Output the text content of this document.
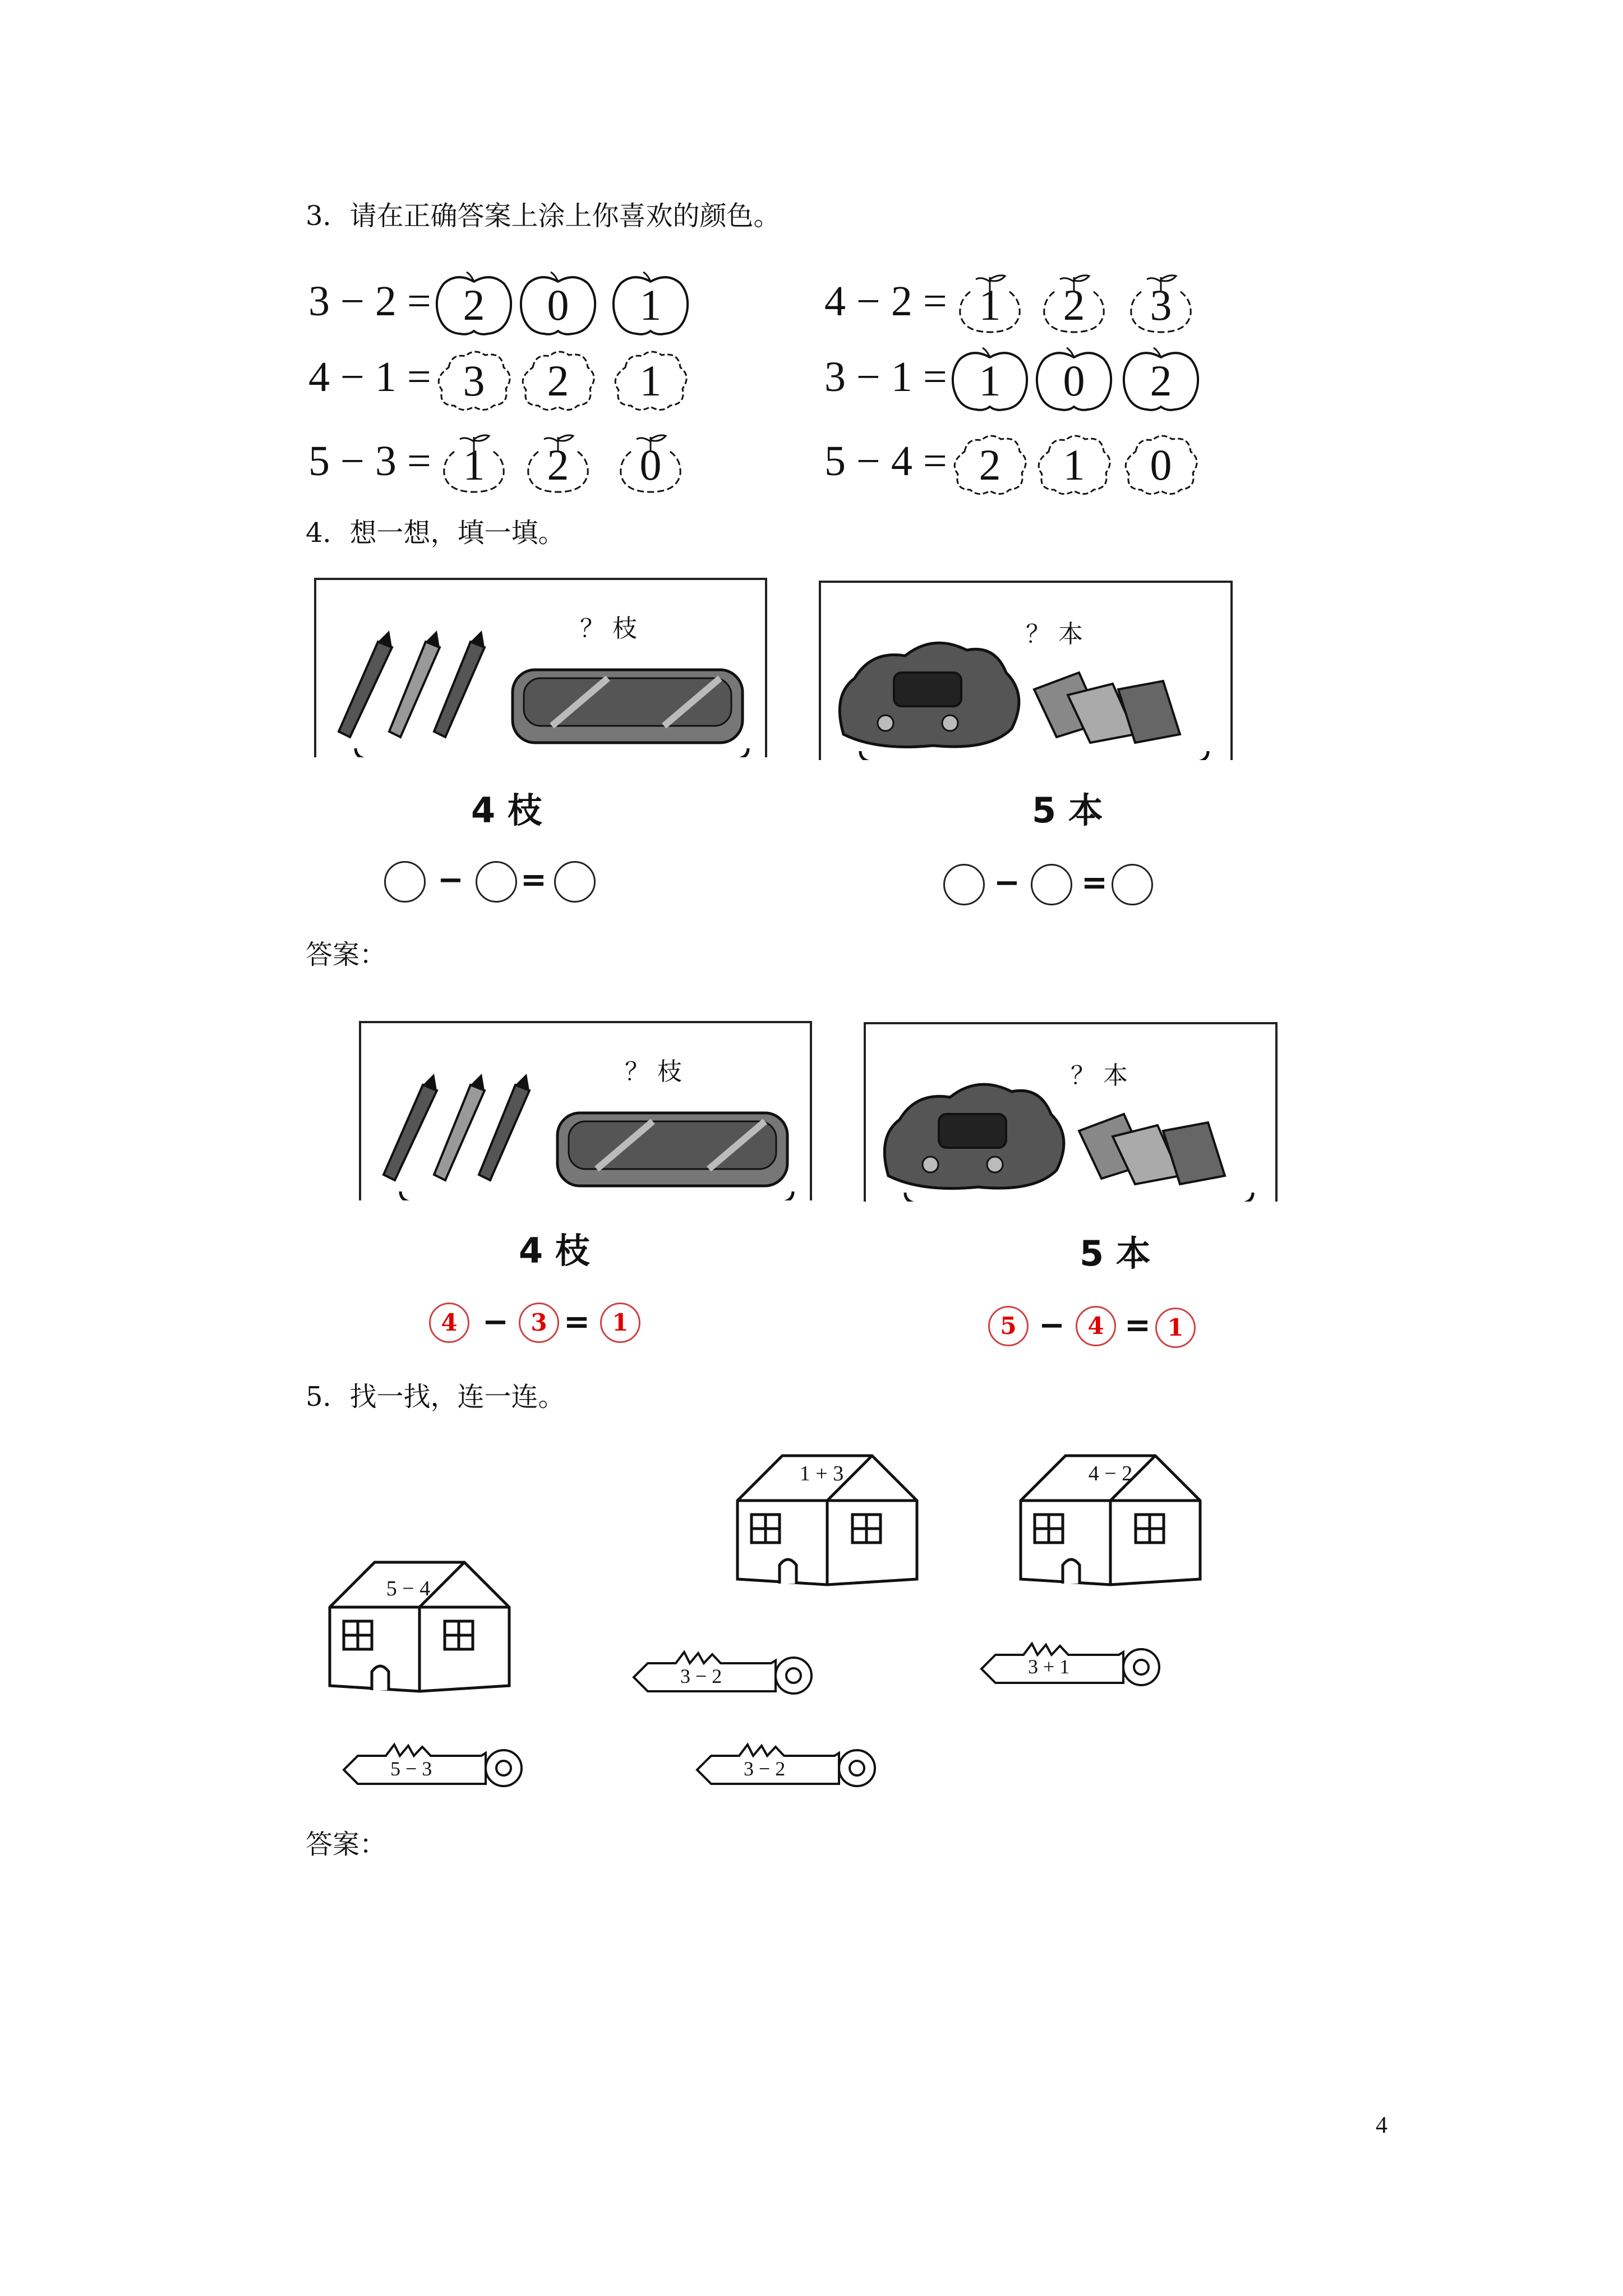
3．请在正确答案上涂上你喜欢的颜色。
3 − 2 = 2	0	1
4 − 1 = 3	2	1
5 − 3 = 1	2	0
4 − 2 = 1	2	3
3 − 1 = 1	0	2
5 − 4 = 2	1	0
4．想一想，填一填。
？ 枝
4 枝
− =
？ 本
5 本
− =
答案：
？ 枝
4 枝
4 − 3 = 1
？ 本
5 本
5 − 4 = 1
5．找一找，连一连。
1 + 3	4 − 2
5 − 4
3 − 2	3 + 1
5 − 3	3 − 2
答案：
4
